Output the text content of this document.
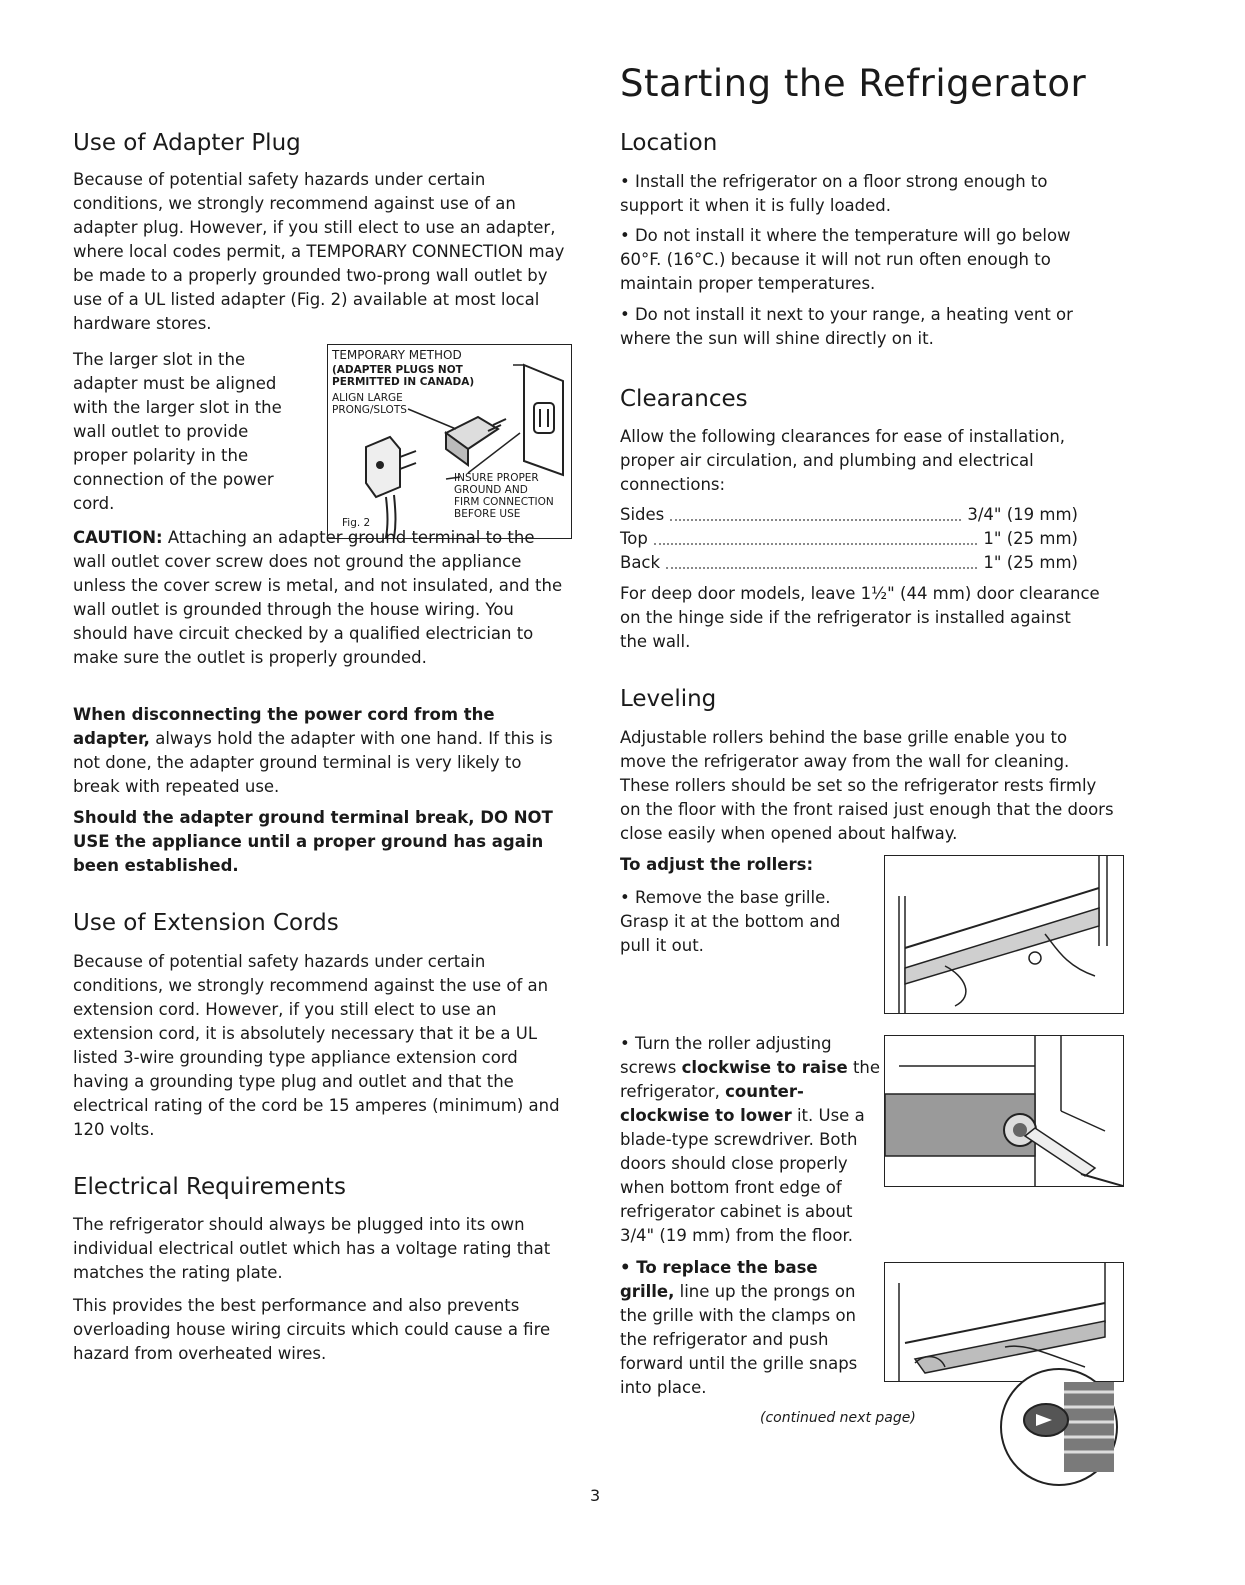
Starting the Refrigerator
Use of Adapter Plug

Because of potential safety hazards under certain conditions, we strongly recommend against use of an adapter plug. However, if you still elect to use an adapter, where local codes permit, a TEMPORARY CONNECTION may be made to a properly grounded two-prong wall outlet by use of a UL listed adapter (Fig. 2) available at most local hardware stores.

The larger slot in the adapter must be aligned with the larger slot in the wall outlet to provide proper polarity in the connection of the power cord.

TEMPORARY METHOD
(ADAPTER PLUGS NOT
PERMITTED IN CANADA)
ALIGN LARGE
PRONG/SLOTS
INSURE PROPER
GROUND AND
FIRM CONNECTION
BEFORE USE
Fig. 2

CAUTION: Attaching an adapter ground terminal to the wall outlet cover screw does not ground the appliance unless the cover screw is metal, and not insulated, and the wall outlet is grounded through the house wiring. You should have circuit checked by a qualified electrician to make sure the outlet is properly grounded.

When disconnecting the power cord from the adapter, always hold the adapter with one hand. If this is not done, the adapter ground terminal is very likely to break with repeated use.

Should the adapter ground terminal break, DO NOT USE the appliance until a proper ground has again been established.

Use of Extension Cords

Because of potential safety hazards under certain conditions, we strongly recommend against the use of an extension cord. However, if you still elect to use an extension cord, it is absolutely necessary that it be a UL listed 3-wire grounding type appliance extension cord having a grounding type plug and outlet and that the electrical rating of the cord be 15 amperes (minimum) and 120 volts.

Electrical Requirements

The refrigerator should always be plugged into its own individual electrical outlet which has a voltage rating that matches the rating plate.

This provides the best performance and also prevents overloading house wiring circuits which could cause a fire hazard from overheated wires.

Location

• Install the refrigerator on a floor strong enough to support it when it is fully loaded.

• Do not install it where the temperature will go below 60°F. (16°C.) because it will not run often enough to maintain proper temperatures.

• Do not install it next to your range, a heating vent or where the sun will shine directly on it.

Clearances

Allow the following clearances for ease of installation, proper air circulation, and plumbing and electrical connections:

Sides	3/4" (19 mm)
Top	1" (25 mm)
Back	1" (25 mm)

For deep door models, leave 1½" (44 mm) door clearance on the hinge side if the refrigerator is installed against the wall.

Leveling

Adjustable rollers behind the base grille enable you to move the refrigerator away from the wall for cleaning. These rollers should be set so the refrigerator rests firmly on the floor with the front raised just enough that the doors close easily when opened about halfway.

To adjust the rollers:

• Remove the base grille. Grasp it at the bottom and pull it out.

• Turn the roller adjusting screws clockwise to raise the refrigerator, counter-clockwise to lower it. Use a blade-type screwdriver. Both doors should close properly when bottom front edge of refrigerator cabinet is about 3/4" (19 mm) from the floor.

• To replace the base grille, line up the prongs on the grille with the clamps on the refrigerator and push forward until the grille snaps into place.

(continued next page)
3
